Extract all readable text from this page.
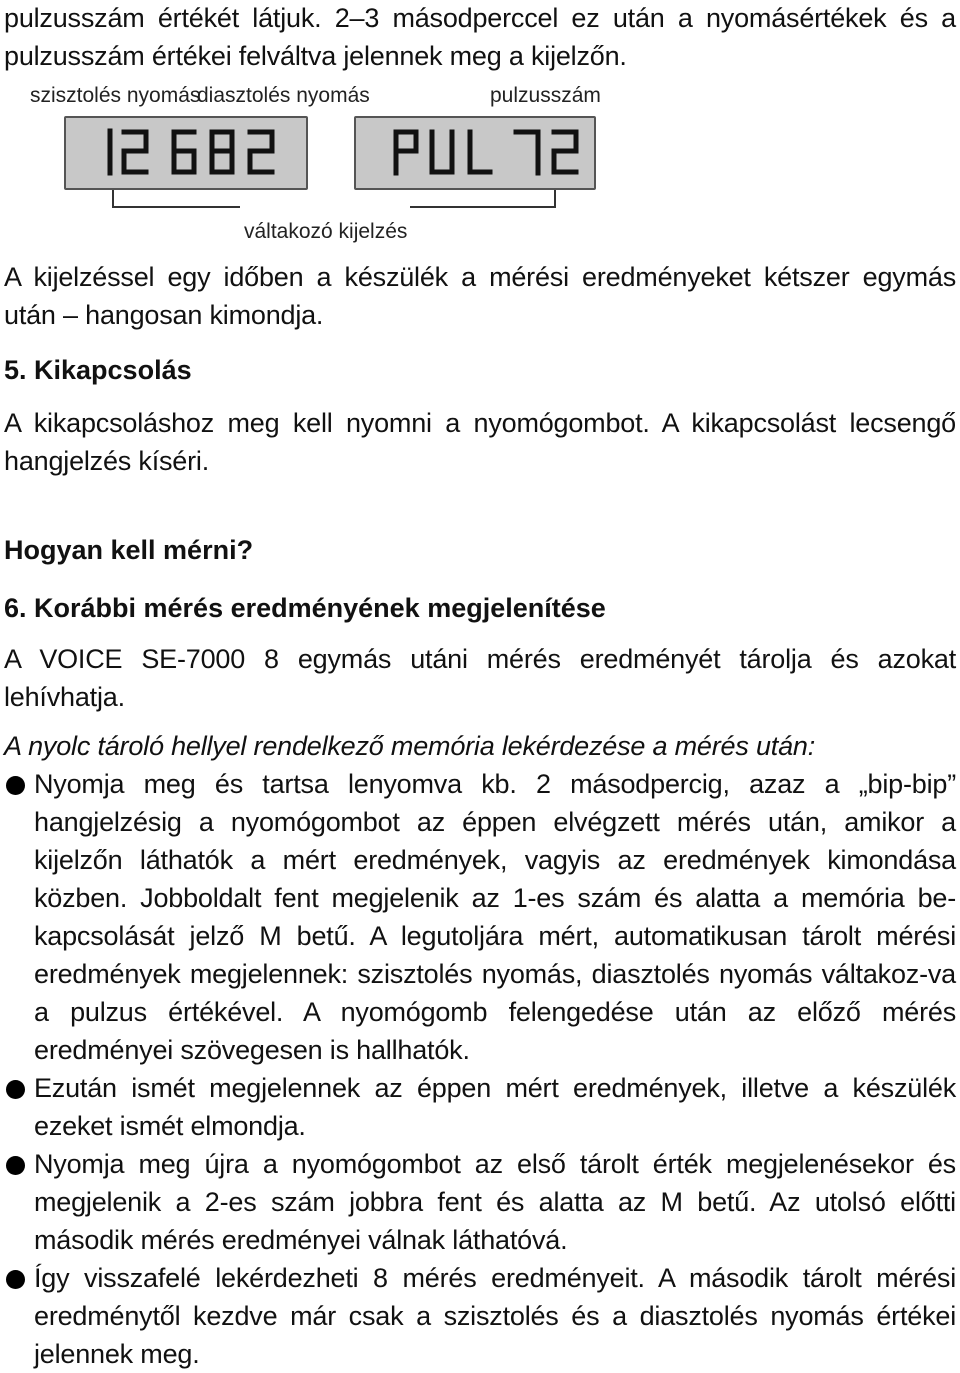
pulzusszám értékét látjuk. 2–3 másodperccel ez után a nyomásértékek és a pulzusszám értékei felváltva jelennek meg a kijelzőn.

szisztolés nyomás
diasztolés nyomás	pulzusszám
váltakozó kijelzés

A kijelzéssel egy időben a készülék a mérési eredményeket kétszer egymás után – hangosan kimondja.

5. Kikapcsolás

A kikapcsoláshoz meg kell nyomni a nyomógombot. A kikapcsolást lecsengő hangjelzés kíséri.

Hogyan kell mérni?

6. Korábbi mérés eredményének megjelenítése

A VOICE SE-7000 8 egymás utáni mérés eredményét tárolja és azokat lehívhatja.

A nyolc tároló hellyel rendelkező memória lekérdezése a mérés után:

Nyomja meg és tartsa lenyomva kb. 2 másodpercig, azaz a „bip-bip” hangjelzésig a nyomógombot az éppen elvégzett mérés után, amikor a kijelzőn láthatók a mért eredmények, vagyis az eredmények kimondása közben. Jobboldalt fent megjelenik az 1-es szám és alatta a memória be-kapcsolását jelző M betű. A legutoljára mért, automatikusan tárolt mérési eredmények megjelennek: szisztolés nyomás, diasztolés nyomás váltakoz-va a pulzus értékével. A nyomógomb felengedése után az előző mérés eredményei szövegesen is hallhatók.
Ezután ismét megjelennek az éppen mért eredmények, illetve a készülék ezeket ismét elmondja.
Nyomja meg újra a nyomógombot az első tárolt érték megjelenésekor és megjelenik a 2-es szám jobbra fent és alatta az M betű. Az utolsó előtti második mérés eredményei válnak láthatóvá.
Így visszafelé lekérdezheti 8 mérés eredményeit. A második tárolt mérési eredménytől kezdve már csak a szisztolés és a diasztolés nyomás értékei jelennek meg.
